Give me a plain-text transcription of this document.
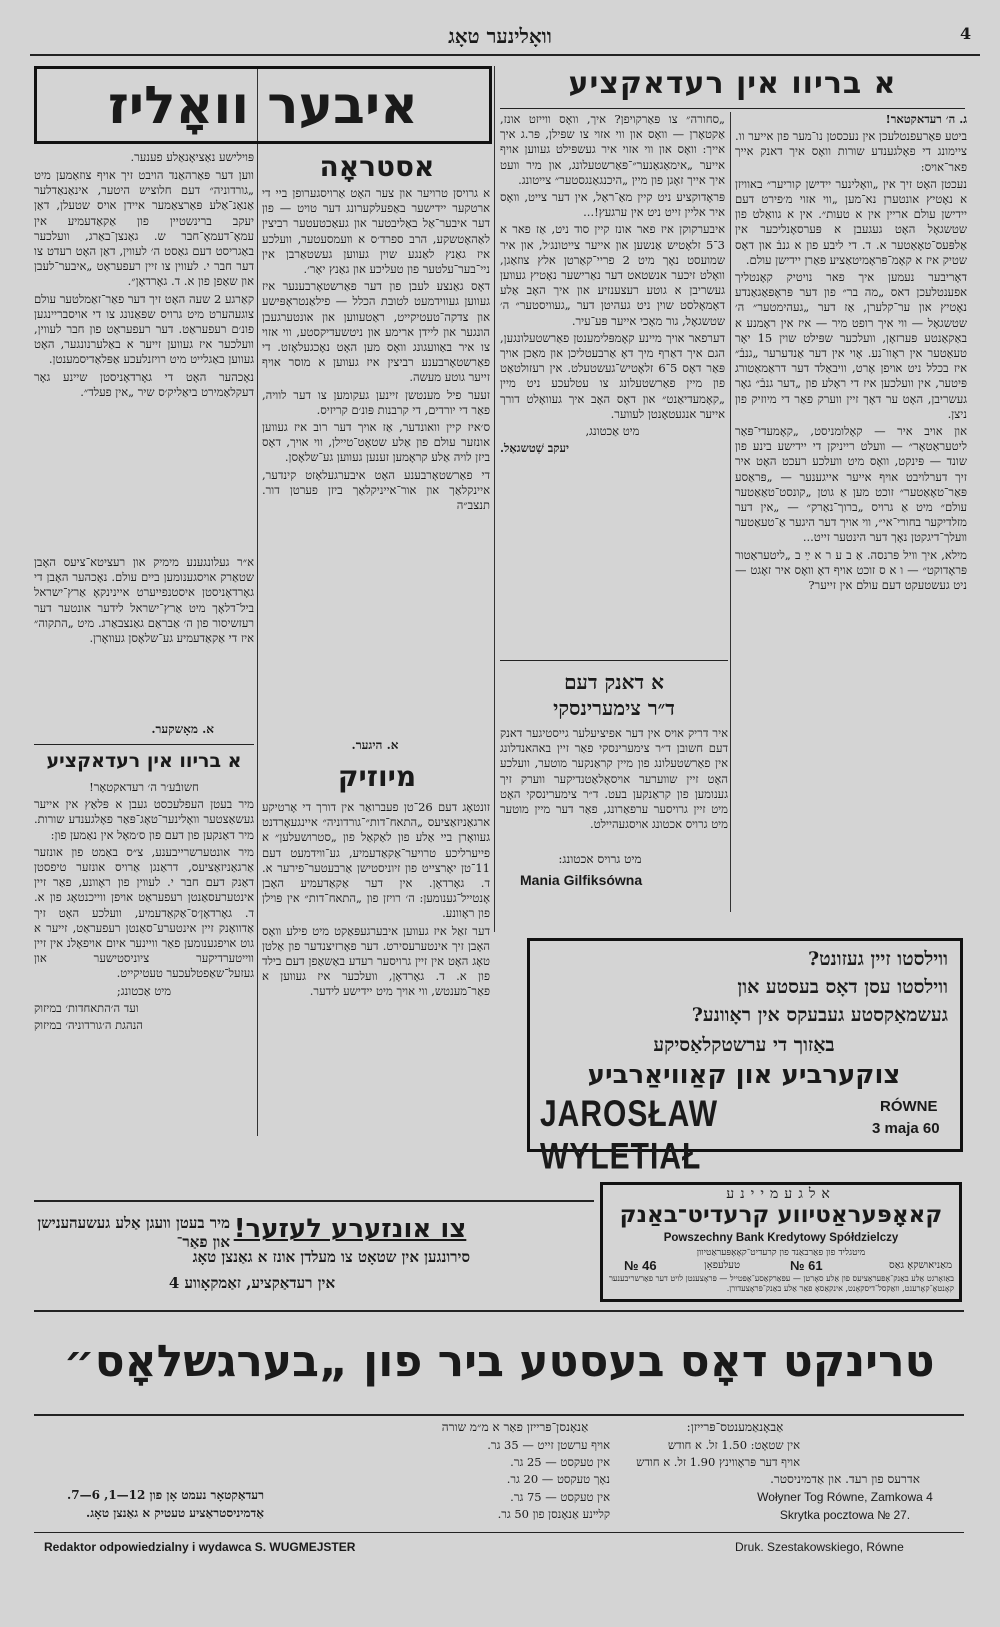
וואָלינער טאָג	4
א בריוו אין רעדאקציע

ג. ה׳ רעדאקטאר!

ביטע פּאַרעפנטלעכן אין נעכסטן נו־מער פון אייער וו. ציימונג די פאָלגענדע שורות וואָס איך דאנק אייך פאר־אויס:

נעכטן האָט זיך אין „וואָלינער יידישן קוריער״ באוויזן א נאָטיץ אונטערן נא־מען „ווי אזוי מ׳פירט דעם יידישן עולם אריין אין א טעות״. אין א גוואַלט פון שטשגאָל האָט געגעבן א פּערסאָנליכער אין אַלפּעס־טאָאַטער א. ד. די ליבע פון א גנבֿ און דאָס שטיק איז א קאָמ־פּראָמיטאַציע פאַרן יידישן עולם.

דאָריבער נעמען איך פאר נויטיק קאָנטליך אפענטלעכן דאס „מה בר״ פון דער פּראָפּאַגאַנדע נאָטיץ און ער־קלערן, אַז דער „געהימטער״ ה׳ שטשגאָל — ווי איך רופט מיר — איז אין ראָמנע א באַקאַנטע פּערזאָן, וועלכער שפּילט שוין 15 יאָר טעאַטער אין ראָוו־נע. אָוי אין דער אַנדערער „גנבֿ״ איז בכלל ניט אויפן אָרט, וויבאַלד דער דראַמאַטורג פּיטער, אין וועלכען איז די ראָלע פון „דער גנבֿ״ גאָר געשריבן, האָט ער דאָך זיין ווערק פאַר די מיוזיק פון ניצן.

און אויב איר — קאָלומניסט, „קאָמעדי־פּאַר ליטעראַטאָר״ — וועלט רייניקן די יידישע בינע פון שונד — פּינקט, וואָס מיט וועלכע רעכט האָט איר זיך דערלויבט אויף אייער אייגענער — „פּראַסע פּאַר־טאָאַטער״ זוכט מען אַ גוטן „קונסט־טאַאַטער עולם״ מיט אַ גרויס „ברוך־נאַרק״ — „אין דער מזלדיקער בחורי־אי״, ווי אויך דער היגער אַ־טעאַטער װעלך־דיגקטן נאָך דער הינטער זייט...

מילא, איך װיל פּרנסה. אַ ב ע ר א ײַ ב „ליטעראַטור פּראָדוקט״ — ו א ס זוכט אויף דאָ װאָס איר זאָגט — ניט געשטעקט דעם עולם אין זייער?

„סחורה״ צו פּאַרקויפן? איך, וואָס װייזט אונז, אַקטאָרן — וואָס און ווי אזוי צו שפּילן, פּר.ג איך אייך: וואָס און ווי אזוי איר געשפּילט געווען אויף אייער „אימאַגאַנער״־פּאַרשטעלונג, און מיר וועט איך אייך זאָגן פון מיין „היכנגאַנגסטער״ צייטונג.

פּראָדוקציע ניט קיין מאַ־ראַל, אין דער צייט, וואָס איר אליין זייט ניט אין ערגעץ!...

איבערקוקן איז פאר אונז קיין סוד ניט, אַז פאר א 3־5 זלאָטיש אַנשען און אייער צייטונג׳ל, און איר שמועסט נאָך מיט 2 פריי־קאַרטן אלץ צוזאַגן, וואָלט זיכער אנשטאט דער נאַרישער נאָטיץ געווען געשריבן א גוטע רעצענזיע און איך האָב אַלע דאָמאָלסט שוין ניט געהיטן דער „געוויסטער״ ה׳ שטשגאָל, גור מאָכי אייער פּע־עיר.

דערפאר אויך מיינע קאָמפּלימענטן פאַרשטעלונגען, הגם איך דאַרף מיך דאָ אַרבעטליכן און מאַכן אויך פּאַר דאָס 5־6 זלאָטיש־געשטעלט. אין רעזולטאַט פון מיין פאַרשטעלונג צו עטלעכע ניט מיין „קאָמעדיאַנט״ און דאָס האָב איך געוואָלט דורך אייער אנגעטאָנטן לעווער.

מיט אַכטונג,

יעקב שַׁטשגאַל.

א דאנק דעם
ד״ר צימערינסקי
איר דריק אויס אין דער אפיציעלער גייסטיגער דאנק דעם חשובן ד״ר צימערינסקי פאַר זיין באהאנדלונג אין פאַרשטעלונג פון מיין קראַנקער מוטער, וועלכע האָט זיין שווערער אויסאָלאַטנדיקער ווערק זיך גענומען פון קראַנקען בעט. ד״ר צימערינסקי האָט מיט זיין גרויסער ערפאַרונג, פאַר דער מיין מוטער מיט גרויס אכטונג אויסגעהיילט.
מיט גרויס אכטונג:
Mania Gilfiksówna
אסטראָה

א גרויסן טרויער און צער האָט אַרויסגערופן ביי די ארטקער יידישער באַפעלקערונג דער טויט — פון דער איבער־אַל באַליבטער און געאַכטעטער רביצין לאַהאָטשקע, הרב ספרד׳ס א װעמסעטער, וועלכע איז גאַנץ לאַנגע שוין געווען געשטאַרבן אין ניי־בער־עלטער פון טעליכע און גאַנץ יאָר׳.

דאָס גאַנצע לעבן פון דער פאַרשטאָרבענער איז געווען געווידמעט לטובת הכלל — פילאַנטראָפּישע און צדקה־טעטיקייט, ראַטעווען און אונטערגעבן הונגער און ליידן ארימע און ניטשעדיקסטע, ווי אזוי צו איר באַוועגונג וואָס מען האָט נאָכגעלאָזט. די פאַרשטאָרבענע רביצין איז געווען א מוסר אויף זייער גוטע מעשה.

זעער פיל מענטשן זיינען געקומען צו דער לוויה, פאַר די יורדים, די קרבנות פּונ׳ם קריזיס.

ס׳איז קיין וואונדער, אַז אויך דער רוב איז געווען אונזער עולם פון אַלע שטאָט־טיילן, ווי אויך, דאָס ביזן לויה אַלע קראָמען זענען געווען גע־שלאָסן.

די פאַרשטאָרבענע האָט איבערגעלאָזט קינדער, איינקלאַך און אור־אייניקלאַך ביזן פערטן דור. תנצב״ה

א. היגער.
מיוזיק

זונטאָג דעם 26־טן פעברואַר אין דורך די אָרטיקע ארגאַניזאַציעס „התאח־דות״־גורדוניה״ איינגעאָרדנט געוואָרן ביי אַלע פון לאַקאַל פון „סטרושעלען״ א פייערליכע טרויער־אַקאַדעמיע, גע־ווידמעט דעם 11־טן יאָרצייט פון זיוניסטישן אַרבעטער־פירער א. ד. גאָרדאָן. אין דער אַקאַדעמיע האָבן אָנטייל־גענומען: ה׳ רויזן פון „התאח־דות״ אין פּוילן פון ראָוונע.

דער זאַל איז געווען איבערגעפּאַקט מיט פילע וואָס האָבן זיך אינטערעסירט. דער פאָרזיצנדער פון אַלטן טאָג האָט אין זיין גרויסער רעדע באַשאַפן דעם בילד פון א. ד. גאָרדאָן, וועלכער איז געווען א פאַר־מענטש, ווי אויך מיט יידישע לידער.

איבער וואָליז
פּוילישע נאַציאָנאַלע פענער.

ווען דער פּאַרהאַנד הויבט זיך אויף צוזאַמען מיט „גורדוניה״ דעם חלוציש היטער, אינאַנאַדלער אַנאַנ־אַלע פּאַרצאַמער איידן אויס שטעלן, דאַן יעקב ברינשטיין פון אַקאַדעמיע אין עמאָ־דעמאָ־חבר ש. גאַנצן־באַרג, וועלכער באַגריסט דעם גאַסט ה׳ לעווין, דאַן האָט רעדט צו דער חבר י. לעווין צו זיין רעפעראַט „איבער־לעבן און שאַפן פון א. ד. גאָרדאָן״.

קאַרגע 2 שעה האָט זיך דער פאַר־זאַמלטער עולם צוגעהערט מיט גרויס שפּאַנונג צו די אויסבריינגען פונ׳ם רעפעראַט. דער רעפעראַט פון חבר לעווין, וועלכער איז געווען זייער א באַלערנונגער, האָט געווען באַגלייט מיט רויזנלעכע אַפּלאַדיסמענטן.

נאָכהער האָט די גאָרדאָניסטן שיינע גאָר דעקלאַמירט ביאַליק׳ס שיר „אין פעלד״.

א״ר געלונגענע מימיק און רעציטא־ציעס האָבן שטאַרק אויסגענומען ביים עולם. נאָכהער האָבן די גאָרדאָניסטן איסטנפייערט איינינקאָ אַרץ־ישראל ביל־דלאָך מיט אַרץ־ישראל לידער אונטער דער רעזשיסור פון ה׳ אַבראַם גאַנצבאַרג. מיט „התקוה״ איז די אַקאַדעמיע גע־שלאָסן געוואָרן.

א. מאָשקער.
א בריוו אין רעדאקציע

חשובֿע׳ר ה׳ רעדאקטאָר!

מיר בעטן העפלעכסט געבן א פּלאַץ אין אייער געשאַצטער וואָלינער־טאָג־פּאַר פאָלגענדע שורות. מיר דאַנקען פון דעם פון ס׳מאָל אין נאַמען פון:

מיר אונטערשרייבענע, צ״ס באַמט פון אונזער אַרגאַניזאַציעס, דראַנגן אַרויס אונזער טיפסטן דאַנק דעם חבר י. לעווין פון ראָוונע, פאַר זיין אינטערעסאַנטן רעפעראַט אויפן ווייכנטאָג פון א. ד. גאָרדאָן׳ס־אַקאַדעמיע, וועלכע האָט זיך אַדוואָנק זיין אינטערע־סאַנטן רעפעראַט, זייער א גוט אויפגענומען פאַר וויינער איום אויפאָלנ אין זיין ווייטערדיקער ציוניסטישער און געזעל־שאַפטלעכער טעטיקייט.

מיט אַכטונג;

ועד ה׳התאחדות׳ במיזוק

הנהגת ה׳גורדוניה׳ במיזוק

ווילסטו זיין געזונט?
ווילסטו עסן דאָס בעסטע און
געשמאַקסטע געבעקס אין ראָוונע?
באַזוך די ערשטקלאַסיקע
צוקערביע און קאַוויאַרביע
JAROSŁAW WYLETIAŁ
RÓWNE
3 maja 60
צו אונזערע לעזער!
מיר בעטן וועגן אַלע געשעהענישן און פאַר־
סירונגען אין שטאָט צו מעלדן אונז א גאַנצן טאָג
אין רעדאַקציע, זאַמקאָווע 4
אלגעמיינע
קאאָפּעראַטיווע קרעדיט־באַנק
Powszechny Bank Kredytowy Spółdzielczy
מיטגליד פון פאַרבאַנד פון קרעדיט־קאָאָפּעראַטיוון
מאַניאושקאָ גאַס
№ 61
טעלעפאָן
№ 46
באַזאָרגט אַלע באַנק־אָפּעראַציעס פון אַלע סאָרטן — עפּאַרקאַסע־אָפּטייל — פּראָצענטן לויט דער פאַרשריבענער קאָנטאָ־קאָרענט, וואַקסל־דיסקאָנט, אינקאַסאָ פאַר אַלע באַנק־פּראָצעדורן.
טרינקט דאָס בעסטע ביר פון „בערגשלאָס״
אַנאָנסן־פּרייזן פאַר א מ״מ שורה

אויף ערשטן זייט — 35 גר.

אין טעקסט — 25 גר.

נאָך טעקסט — 20 גר.

אין טעקסט — 75 גר.

קלײנע אַנאָנסן פון 50 גר.

אַבאָנאַמענטס־פּרייזן:

אין שטאָט: 1.50 זל. א חודש

אויף דער פּראָווינץ 1.90 זל. א חודש

רעדאַקטאָר נעמט אָן פון 12—1, 6—7.
אַדמיניסטראַציע טעטיק א גאַנצן טאָג.
אדרעס פון רעד. און אַדמיניסטר.
Wołyner Tog Równe, Zamkowa 4
Skrytka pocztowa № 27.
Redaktor odpowiedzialny i wydawca S. WUGMEJSTER	Druk. Szestakowskiego, Równe
